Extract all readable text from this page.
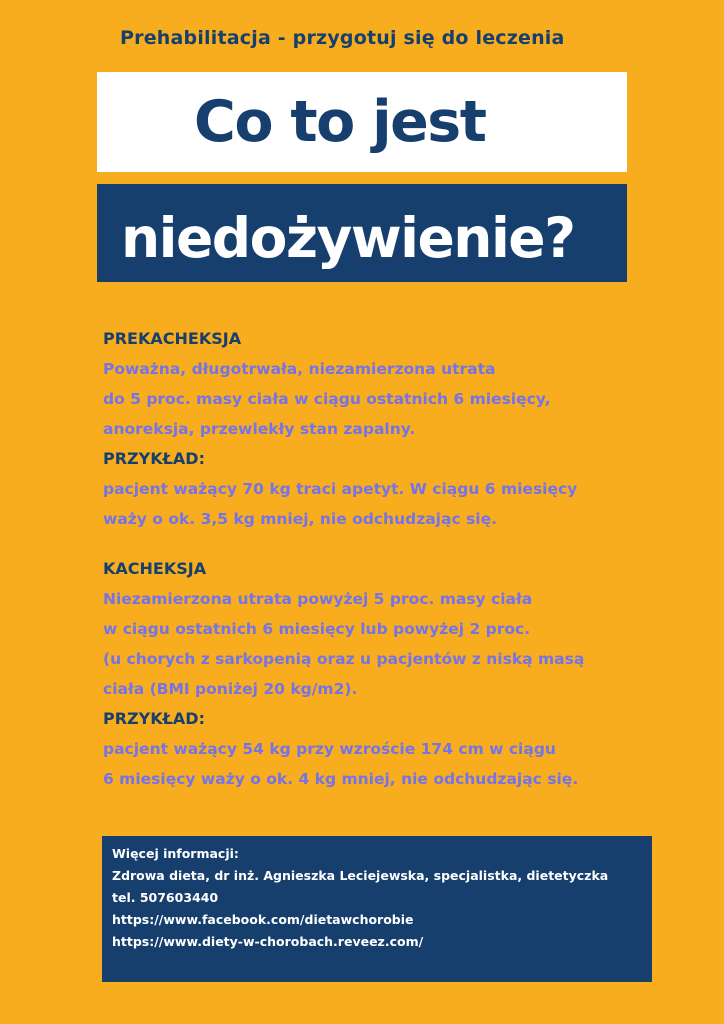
Prehabilitacja - przygotuj się do leczenia
Co to jest
niedożywienie?
PREKACHEKSJA
Poważna, długotrwała, niezamierzona utrata
do 5 proc. masy ciała w ciągu ostatnich 6 miesięcy,
anoreksja, przewlekły stan zapalny.
PRZYKŁAD:
pacjent ważący 70 kg traci apetyt. W ciągu 6 miesięcy
waży o ok. 3,5 kg mniej, nie odchudzając się.
KACHEKSJA
Niezamierzona utrata powyżej 5 proc. masy ciała
w ciągu ostatnich 6 miesięcy lub powyżej 2 proc.
(u chorych z sarkopenią oraz u pacjentów z niską masą
ciała (BMI poniżej 20 kg/m2).
PRZYKŁAD:
pacjent ważący 54 kg przy wzroście 174 cm w ciągu
6 miesięcy waży o ok. 4 kg mniej, nie odchudzając się.
Więcej informacji:
Zdrowa dieta, dr inż. Agnieszka Leciejewska, specjalistka, dietetyczka
tel. 507603440
https://www.facebook.com/dietawchorobie
https://www.diety-w-chorobach.reveez.com/
